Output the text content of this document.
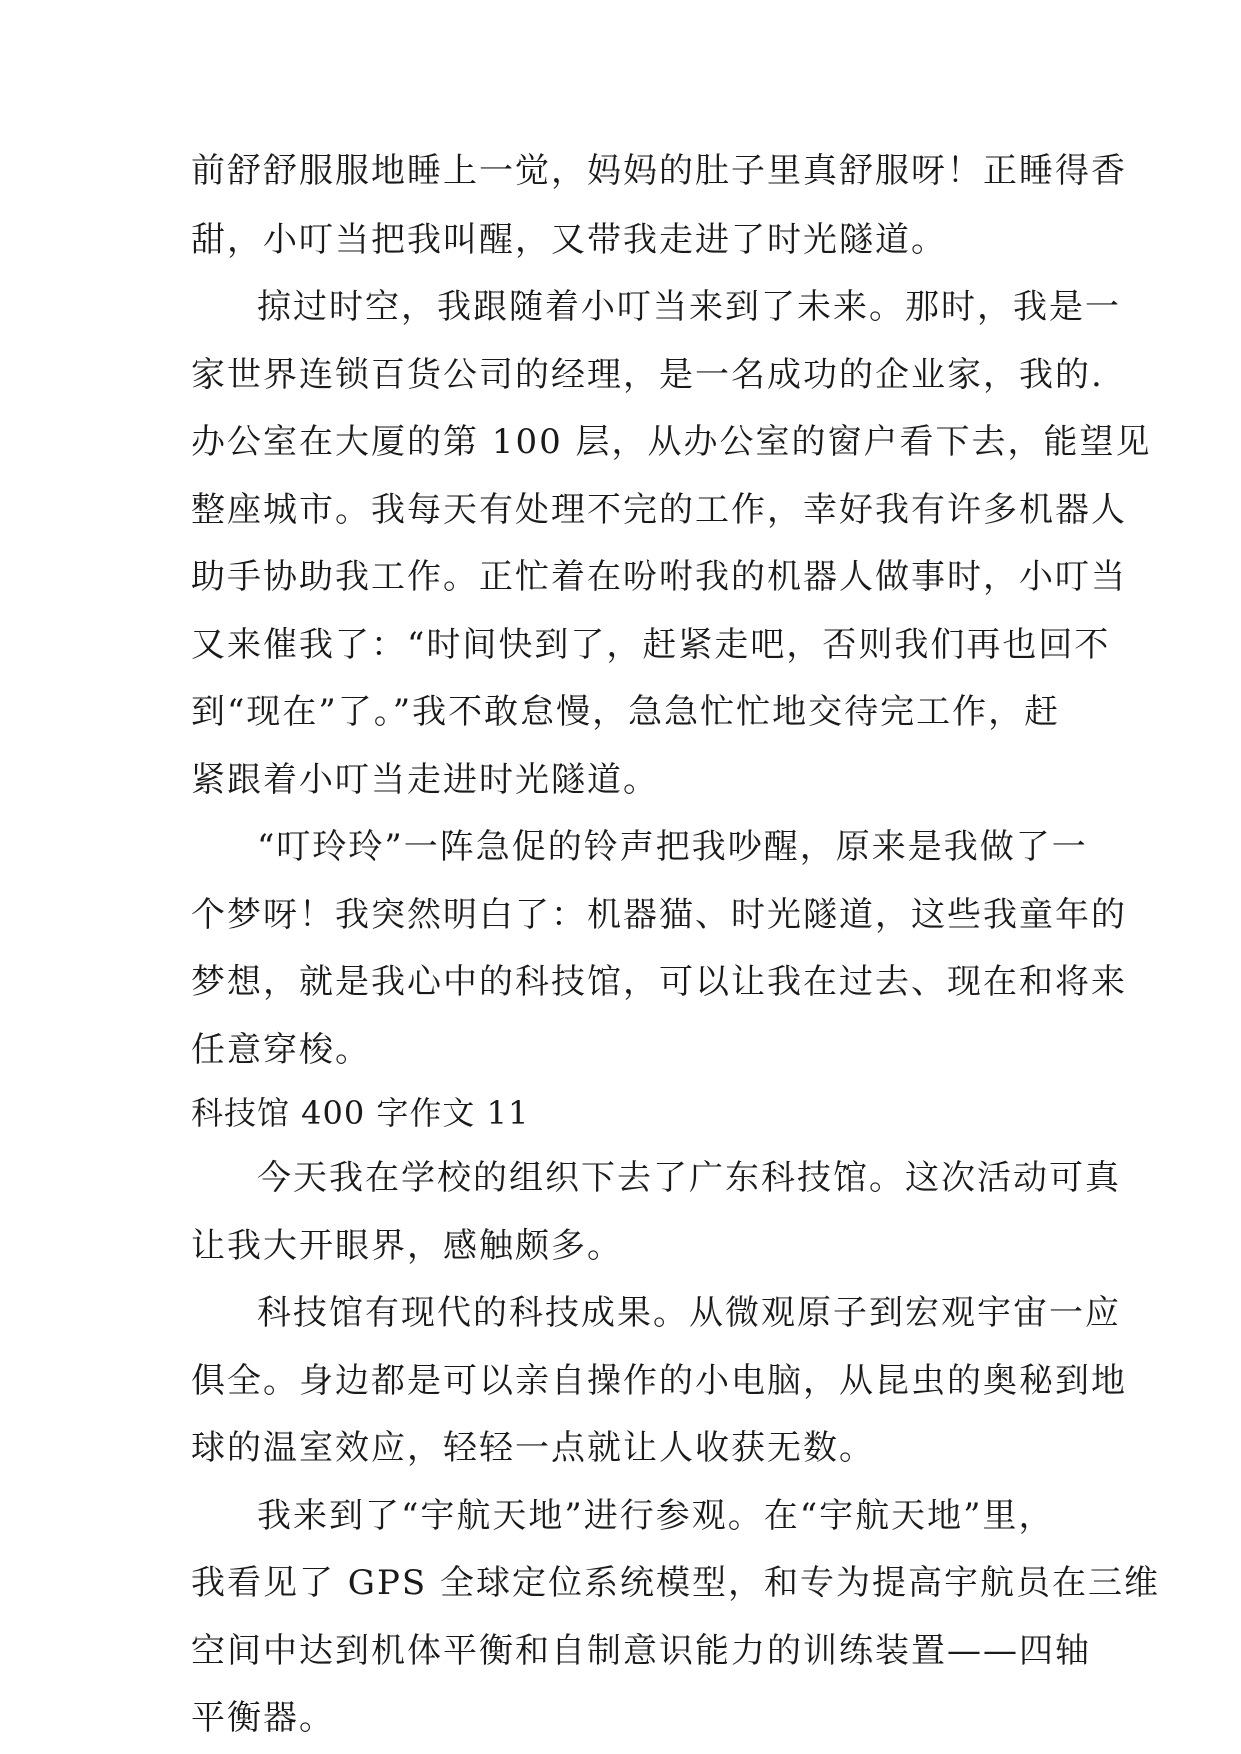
前舒舒服服地睡上一觉，妈妈的肚子里真舒服呀！正睡得香
甜，小叮当把我叫醒，又带我走进了时光隧道。
掠过时空，我跟随着小叮当来到了未来。那时，我是一
家世界连锁百货公司的经理，是一名成功的企业家，我的.
办公室在大厦的第 100 层，从办公室的窗户看下去，能望见
整座城市。我每天有处理不完的工作，幸好我有许多机器人
助手协助我工作。正忙着在吩咐我的机器人做事时，小叮当
又来催我了：“时间快到了，赶紧走吧，否则我们再也回不
到“现在”了。”我不敢怠慢，急急忙忙地交待完工作，赶
紧跟着小叮当走进时光隧道。
“叮玲玲”一阵急促的铃声把我吵醒，原来是我做了一
个梦呀！我突然明白了：机器猫、时光隧道，这些我童年的
梦想，就是我心中的科技馆，可以让我在过去、现在和将来
任意穿梭。
科技馆 400 字作文 11
今天我在学校的组织下去了广东科技馆。这次活动可真
让我大开眼界，感触颇多。
科技馆有现代的科技成果。从微观原子到宏观宇宙一应
俱全。身边都是可以亲自操作的小电脑，从昆虫的奥秘到地
球的温室效应，轻轻一点就让人收获无数。
我来到了“宇航天地”进行参观。在“宇航天地”里，
我看见了 GPS 全球定位系统模型，和专为提高宇航员在三维
空间中达到机体平衡和自制意识能力的训练装置——四轴
平衡器。
